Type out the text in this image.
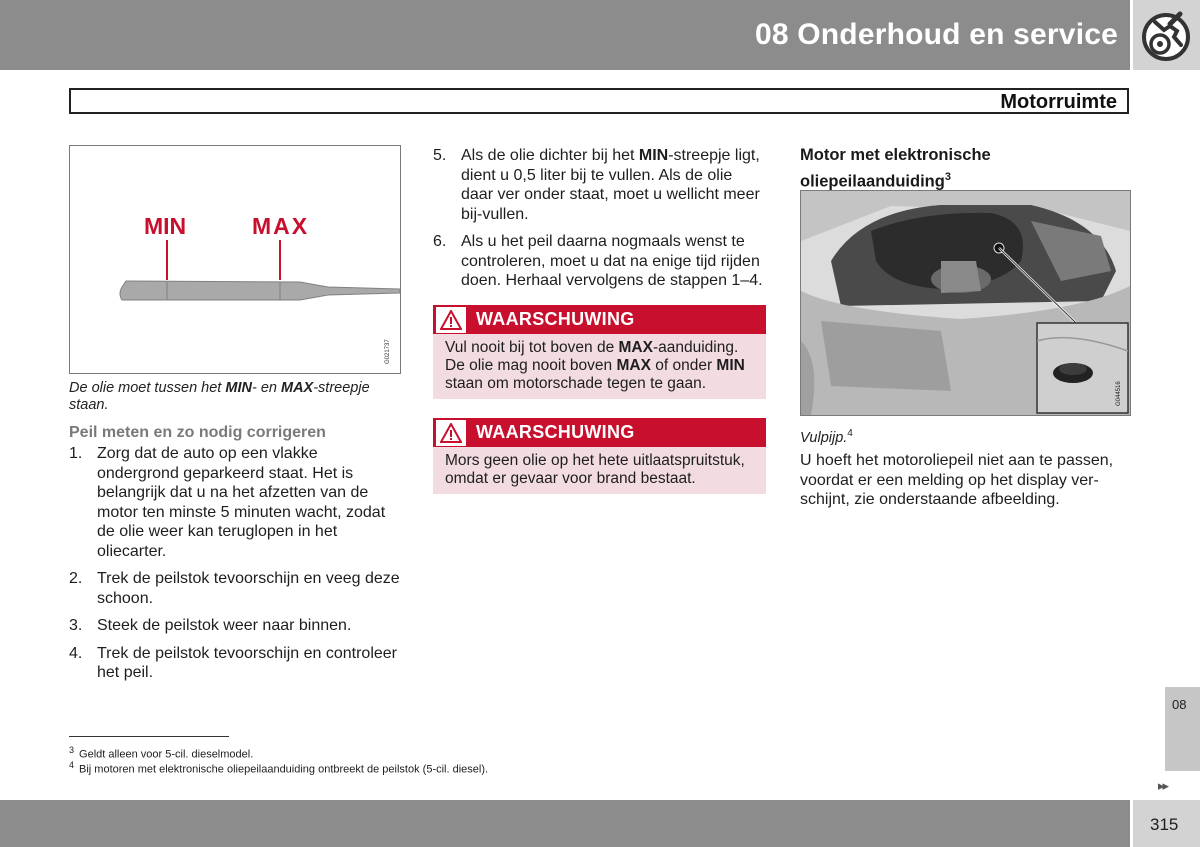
08 Onderhoud en service
Motorruimte
MIN	MAX
G021737
De olie moet tussen het MIN- en MAX-streepje staan.
Peil meten en zo nodig corrigeren
1. Zorg dat de auto op een vlakke ondergrond geparkeerd staat. Het is belangrijk dat u na het afzetten van de motor ten minste 5 minuten wacht, zodat de olie weer kan teruglopen in het oliecarter.
2. Trek de peilstok tevoorschijn en veeg deze schoon.
3. Steek de peilstok weer naar binnen.
4. Trek de peilstok tevoorschijn en controleer het peil.
5. Als de olie dichter bij het MIN-streepje ligt, dient u 0,5 liter bij te vullen. Als de olie daar ver onder staat, moet u wellicht meer bij-vullen.
6. Als u het peil daarna nogmaals wenst te controleren, moet u dat na enige tijd rijden doen. Herhaal vervolgens de stappen 1–4.
WAARSCHUWING
Vul nooit bij tot boven de MAX-aanduiding. De olie mag nooit boven MAX of onder MIN staan om motorschade tegen te gaan.
WAARSCHUWING
Mors geen olie op het hete uitlaatspruitstuk, omdat er gevaar voor brand bestaat.
Motor met elektronische
oliepeilaanduiding$^3$
G044516
Vulpijp.$^4$
U hoeft het motoroliepeil niet aan te passen, voordat er een melding op het display ver-schijnt, zie onderstaande afbeelding.
$^3$ Geldt alleen voor 5-cil. dieselmodel.
$^4$ Bij motoren met elektronische oliepeilaanduiding ontbreekt de peilstok (5-cil. diesel).
08
▸▸
315
